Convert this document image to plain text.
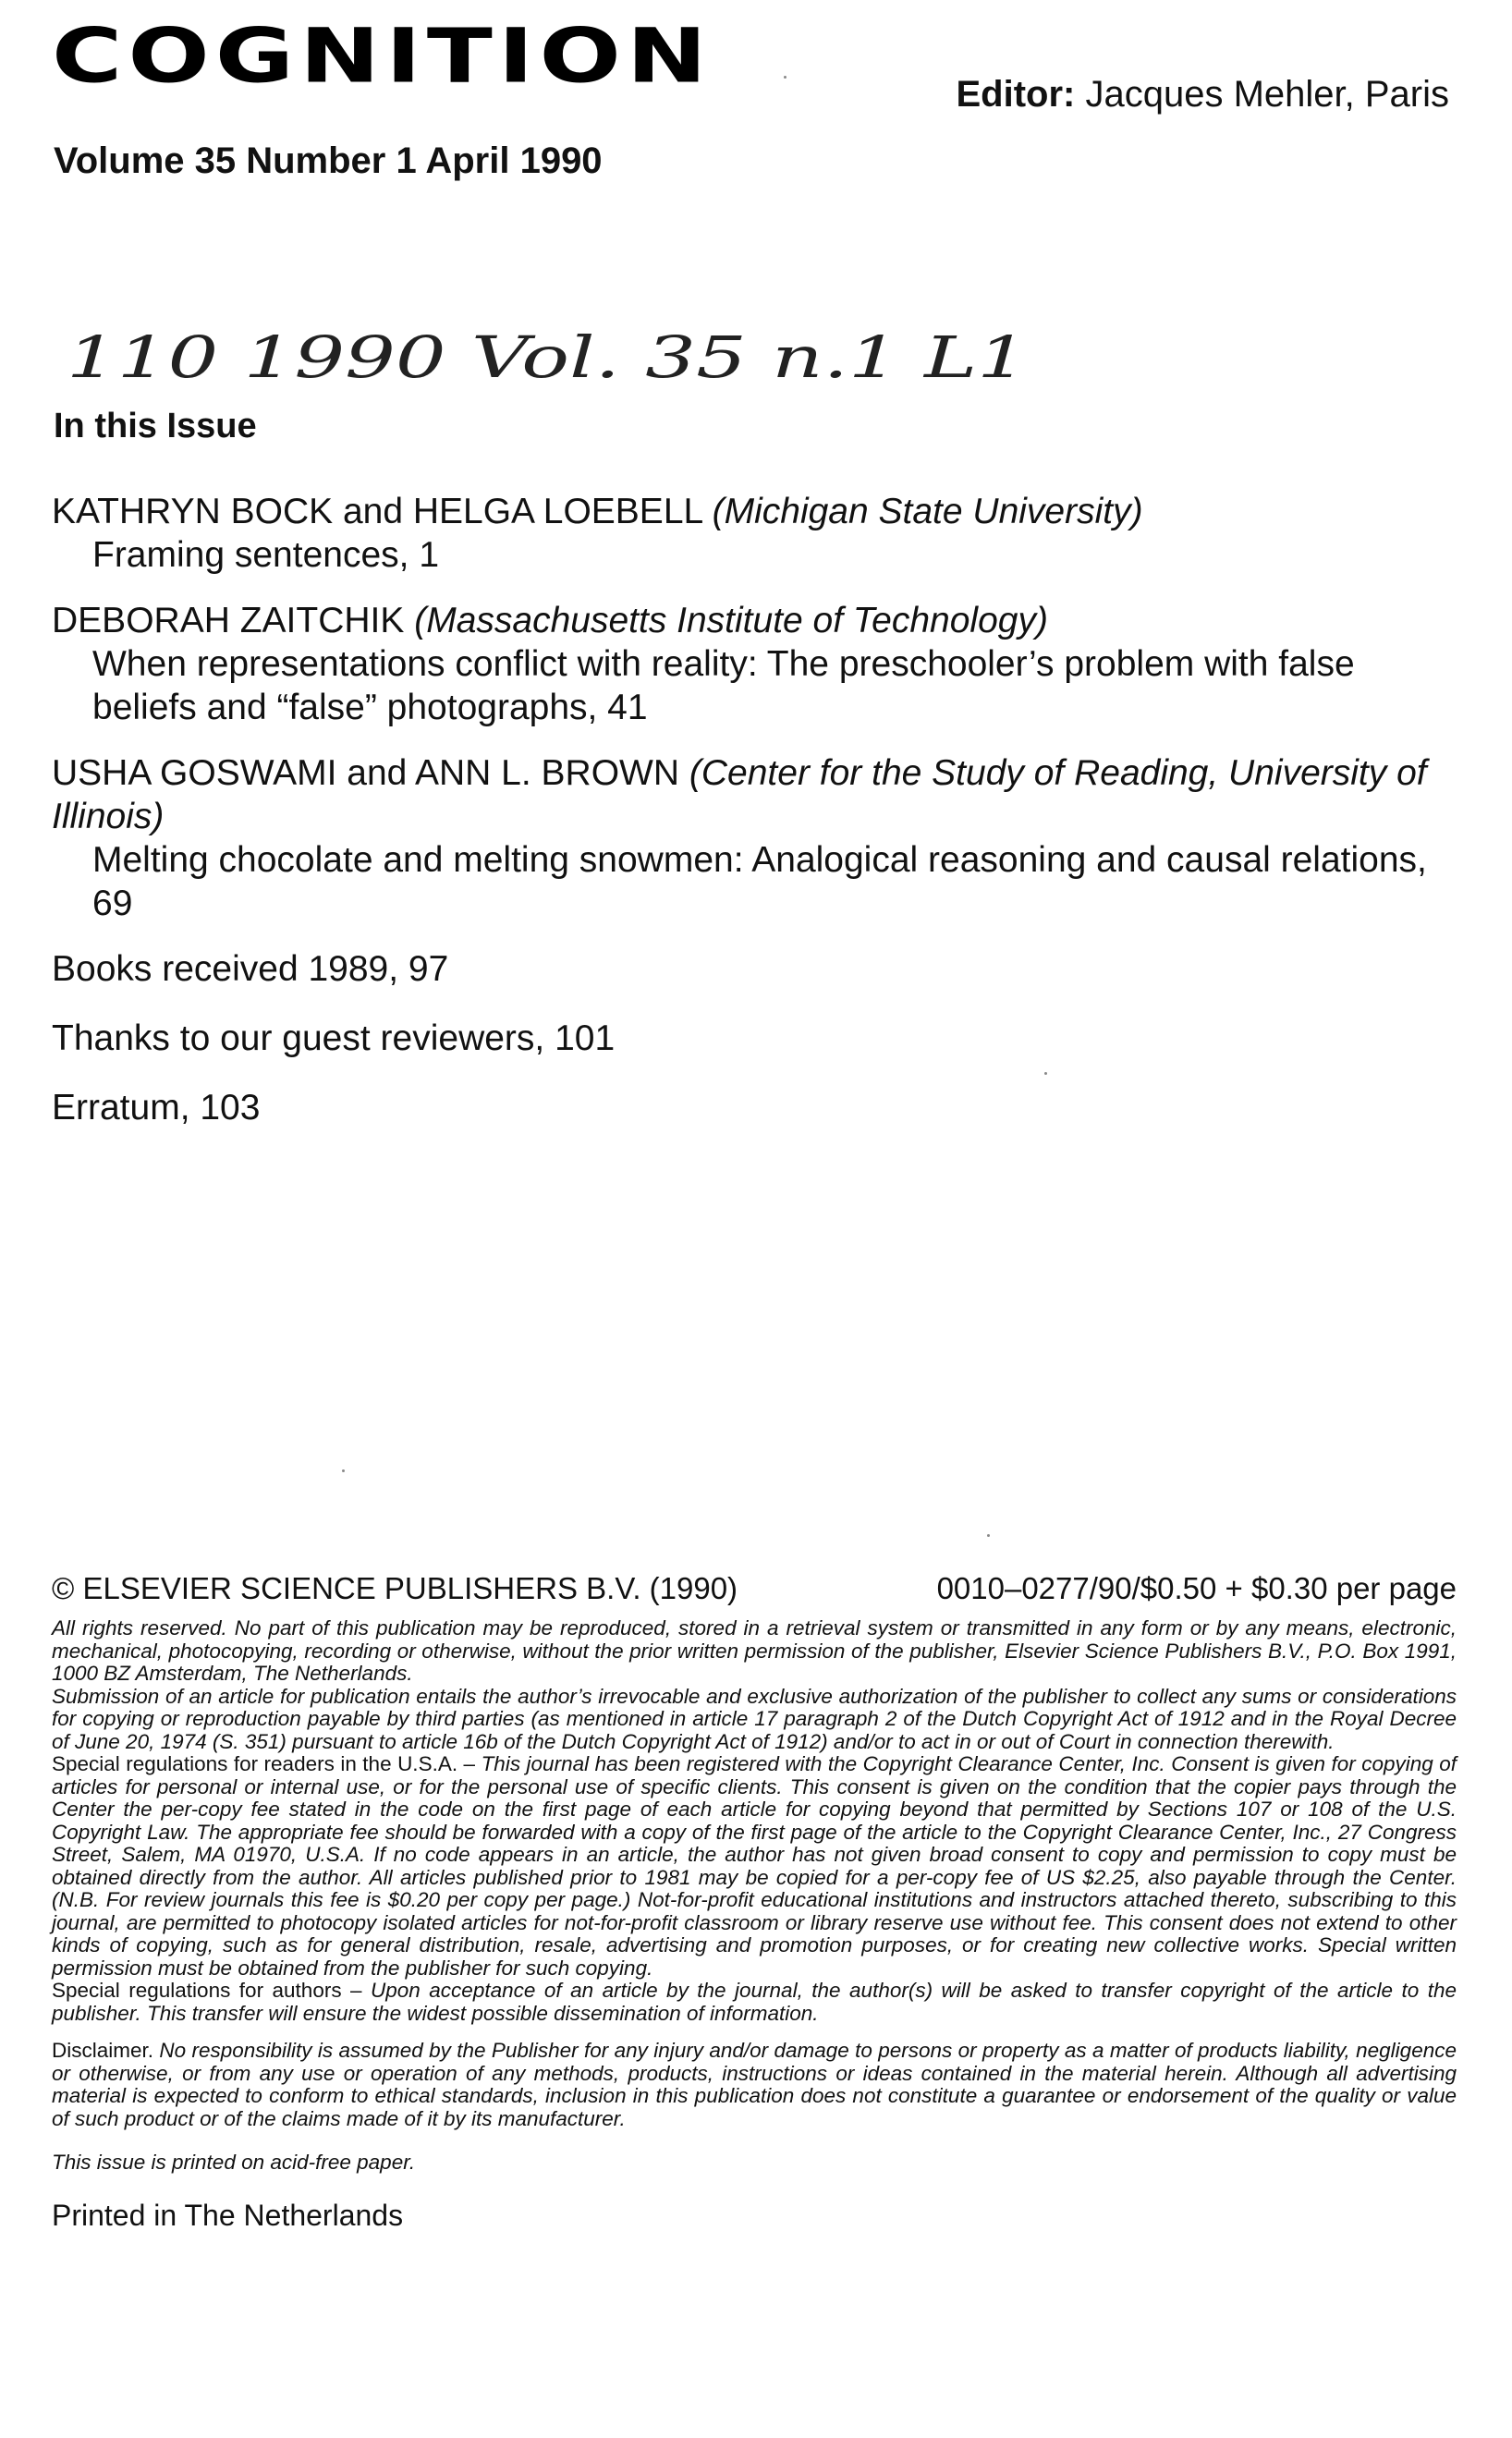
COGNITION
Volume 35 Number 1 April 1990
Editor: Jacques Mehler, Paris
110 1990 Vol. 35 n.1 L1
In this Issue
KATHRYN BOCK and HELGA LOEBELL (Michigan State University)
Framing sentences, 1
DEBORAH ZAITCHIK (Massachusetts Institute of Technology)
When representations conflict with reality: The preschooler’s problem with false beliefs and “false” photographs, 41
USHA GOSWAMI and ANN L. BROWN (Center for the Study of Reading, University of Illinois)
Melting chocolate and melting snowmen: Analogical reasoning and causal relations, 69
Books received 1989, 97
Thanks to our guest reviewers, 101
Erratum, 103
© ELSEVIER SCIENCE PUBLISHERS B.V. (1990)	0010–0277/90/$0.50 + $0.30 per page

All rights reserved. No part of this publication may be reproduced, stored in a retrieval system or transmitted in any form or by any means, electronic, mechanical, photocopying, recording or otherwise, without the prior written permission of the publisher, Elsevier Science Publishers B.V., P.O. Box 1991, 1000 BZ Amsterdam, The Netherlands.

Submission of an article for publication entails the author’s irrevocable and exclusive authorization of the publisher to collect any sums or considerations for copying or reproduction payable by third parties (as mentioned in article 17 paragraph 2 of the Dutch Copyright Act of 1912 and in the Royal Decree of June 20, 1974 (S. 351) pursuant to article 16b of the Dutch Copyright Act of 1912) and/or to act in or out of Court in connection therewith.

Special regulations for readers in the U.S.A. – This journal has been registered with the Copyright Clearance Center, Inc. Consent is given for copying of articles for personal or internal use, or for the personal use of specific clients. This consent is given on the condition that the copier pays through the Center the per-copy fee stated in the code on the first page of each article for copying beyond that permitted by Sections 107 or 108 of the U.S. Copyright Law. The appropriate fee should be forwarded with a copy of the first page of the article to the Copyright Clearance Center, Inc., 27 Congress Street, Salem, MA 01970, U.S.A. If no code appears in an article, the author has not given broad consent to copy and permission to copy must be obtained directly from the author. All articles published prior to 1981 may be copied for a per-copy fee of US $2.25, also payable through the Center. (N.B. For review journals this fee is $0.20 per copy per page.) Not-for-profit educational institutions and instructors attached thereto, subscribing to this journal, are permitted to photocopy isolated articles for not-for-profit classroom or library reserve use without fee. This consent does not extend to other kinds of copying, such as for general distribution, resale, advertising and promotion purposes, or for creating new collective works. Special written permission must be obtained from the publisher for such copying.

Special regulations for authors – Upon acceptance of an article by the journal, the author(s) will be asked to transfer copyright of the article to the publisher. This transfer will ensure the widest possible dissemination of information.

Disclaimer. No responsibility is assumed by the Publisher for any injury and/or damage to persons or property as a matter of products liability, negligence or otherwise, or from any use or operation of any methods, products, instructions or ideas contained in the material herein. Although all advertising material is expected to conform to ethical standards, inclusion in this publication does not constitute a guarantee or endorsement of the quality or value of such product or of the claims made of it by its manufacturer.

This issue is printed on acid-free paper.
Printed in The Netherlands
